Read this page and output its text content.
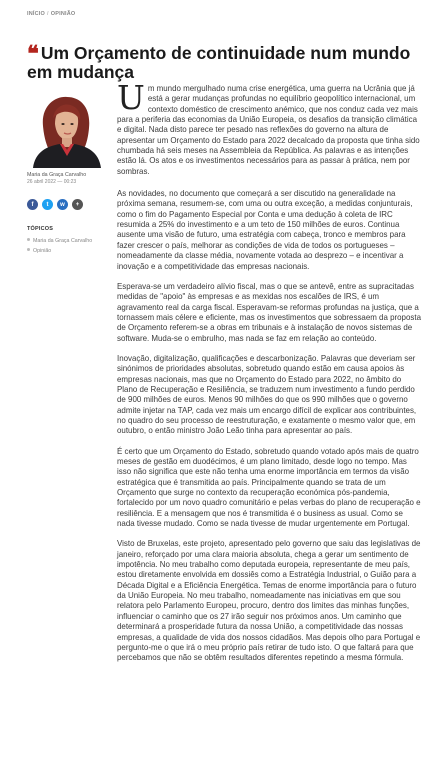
INÍCIO / OPINIÃO
❝ Um Orçamento de continuidade num mundo em mudança
Maria da Graça Carvalho
26 abril 2022 — 00:23
f	t	w	+
TÓPICOS
Maria da Graça Carvalho
Opinião

Um mundo mergulhado numa crise energética, uma guerra na Ucrânia que já está a gerar mudanças profundas no equilíbrio geopolítico internacional, um contexto doméstico de crescimento anémico, que nos conduz cada vez mais para a periferia das economias da União Europeia, os desafios da transição climática e digital. Nada disto parece ter pesado nas reflexões do governo na altura de apresentar um Orçamento do Estado para 2022 decalcado da proposta que tinha sido chumbada há seis meses na Assembleia da República. As palavras e as intenções estão lá. Os atos e os investimentos necessários para as passar à prática, nem por sombras.

As novidades, no documento que começará a ser discutido na generalidade na próxima semana, resumem-se, com uma ou outra exceção, a medidas conjunturais, como o fim do Pagamento Especial por Conta e uma dedução à coleta de IRC resumida a 25% do investimento e a um teto de 150 milhões de euros. Continua ausente uma visão de futuro, uma estratégia com cabeça, tronco e membros para fazer crescer o país, melhorar as condições de vida de todos os portugueses – nomeadamente da classe média, novamente votada ao desprezo – e incentivar a inovação e a competitividade das empresas nacionais.

Esperava-se um verdadeiro alívio fiscal, mas o que se antevê, entre as supracitadas medidas de "apoio" às empresas e as mexidas nos escalões de IRS, é um agravamento real da carga fiscal. Esperavam-se reformas profundas na justiça, que a tornassem mais célere e eficiente, mas os investimentos que sobressaem da proposta de Orçamento referem-se a obras em tribunais e à instalação de novos sistemas de software. Muda-se o embrulho, mas nada se faz em relação ao conteúdo.

Inovação, digitalização, qualificações e descarbonização. Palavras que deveriam ser sinónimos de prioridades absolutas, sobretudo quando estão em causa apoios às empresas nacionais, mas que no Orçamento do Estado para 2022, no âmbito do Plano de Recuperação e Resiliência, se traduzem num investimento a fundo perdido de 900 milhões de euros. Menos 90 milhões do que os 990 milhões que o governo admite injetar na TAP, cada vez mais um encargo difícil de explicar aos contribuintes, no quadro do seu processo de reestruturação, e exatamente o mesmo valor que, em outubro, o então ministro João Leão tinha para apresentar ao país.

É certo que um Orçamento do Estado, sobretudo quando votado após mais de quatro meses de gestão em duodécimos, é um plano limitado, desde logo no tempo. Mas isso não significa que este não tenha uma enorme importância em termos da visão estratégica que é transmitida ao país. Principalmente quando se trata de um Orçamento que surge no contexto da recuperação económica pós-pandemia, fortalecido por um novo quadro comunitário e pelas verbas do plano de recuperação e resiliência. E a mensagem que nos é transmitida é o business as usual. Como se nada tivesse mudado. Como se nada tivesse de mudar urgentemente em Portugal.

Visto de Bruxelas, este projeto, apresentado pelo governo que saiu das legislativas de janeiro, reforçado por uma clara maioria absoluta, chega a gerar um sentimento de impotência. No meu trabalho como deputada europeia, representante de meu país, estou diretamente envolvida em dossiês como a Estratégia Industrial, o Guião para a Década Digital e a Eficiência Energética. Temas de enorme importância para o futuro da União Europeia. No meu trabalho, nomeadamente nas iniciativas em que sou relatora pelo Parlamento Europeu, procuro, dentro dos limites das minhas funções, influenciar o caminho que os 27 irão seguir nos próximos anos. Um caminho que determinará a prosperidade futura da nossa União, a competitividade das nossas empresas, a qualidade de vida dos nossos cidadãos. Mas depois olho para Portugal e pergunto-me o que irá o meu próprio país retirar de tudo isto. O que faltará para que percebamos que não se obtêm resultados diferentes repetindo a mesma fórmula.
